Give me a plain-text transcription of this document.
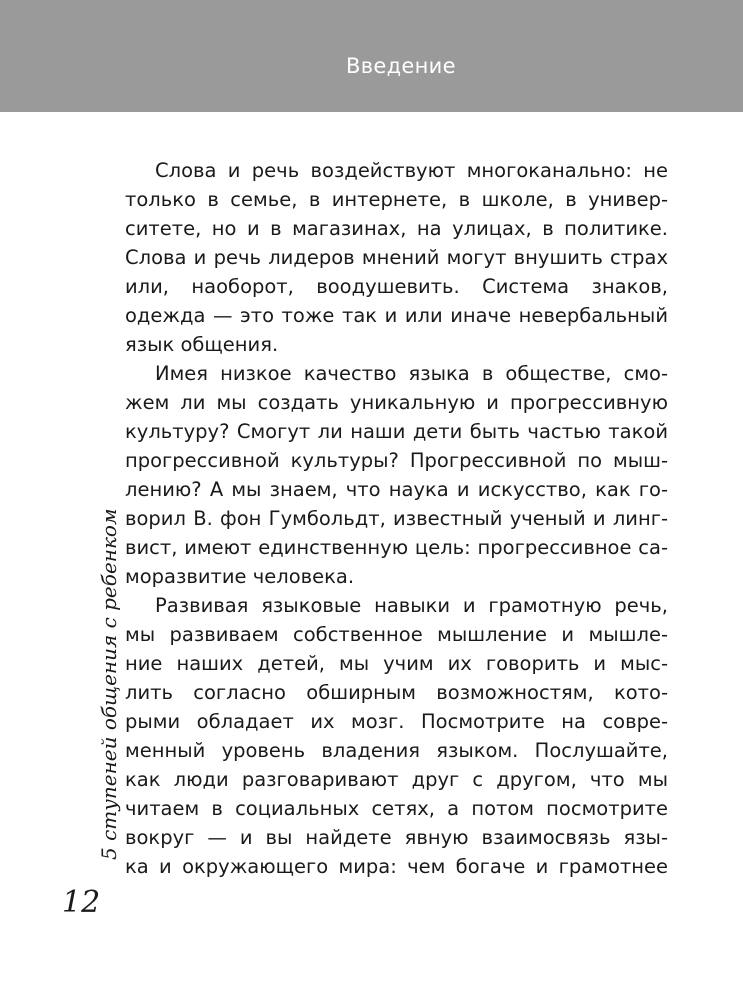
Введение
5 ступеней общения с ребенком
12
Слова и речь воздействуют многоканально: не
только в семье, в интернете, в школе, в универ-
ситете, но и в магазинах, на улицах, в политике.
Слова и речь лидеров мнений могут внушить страх
или, наоборот, воодушевить. Система знаков,
одежда — это тоже так и или иначе невербальный
язык общения.
Имея низкое качество языка в обществе, смо-
жем ли мы создать уникальную и прогрессивную
культуру? Смогут ли наши дети быть частью такой
прогрессивной культуры? Прогрессивной по мыш-
лению? А мы знаем, что наука и искусство, как го-
ворил В. фон Гумбольдт, известный ученый и линг-
вист, имеют единственную цель: прогрессивное са-
моразвитие человека.
Развивая языковые навыки и грамотную речь,
мы развиваем собственное мышление и мышле-
ние наших детей, мы учим их говорить и мыс-
лить согласно обширным возможностям, кото-
рыми обладает их мозг. Посмотрите на совре-
менный уровень владения языком. Послушайте,
как люди разговаривают друг с другом, что мы
читаем в социальных сетях, а потом посмотрите
вокруг — и вы найдете явную взаимосвязь язы-
ка и окружающего мира: чем богаче и грамотнее
